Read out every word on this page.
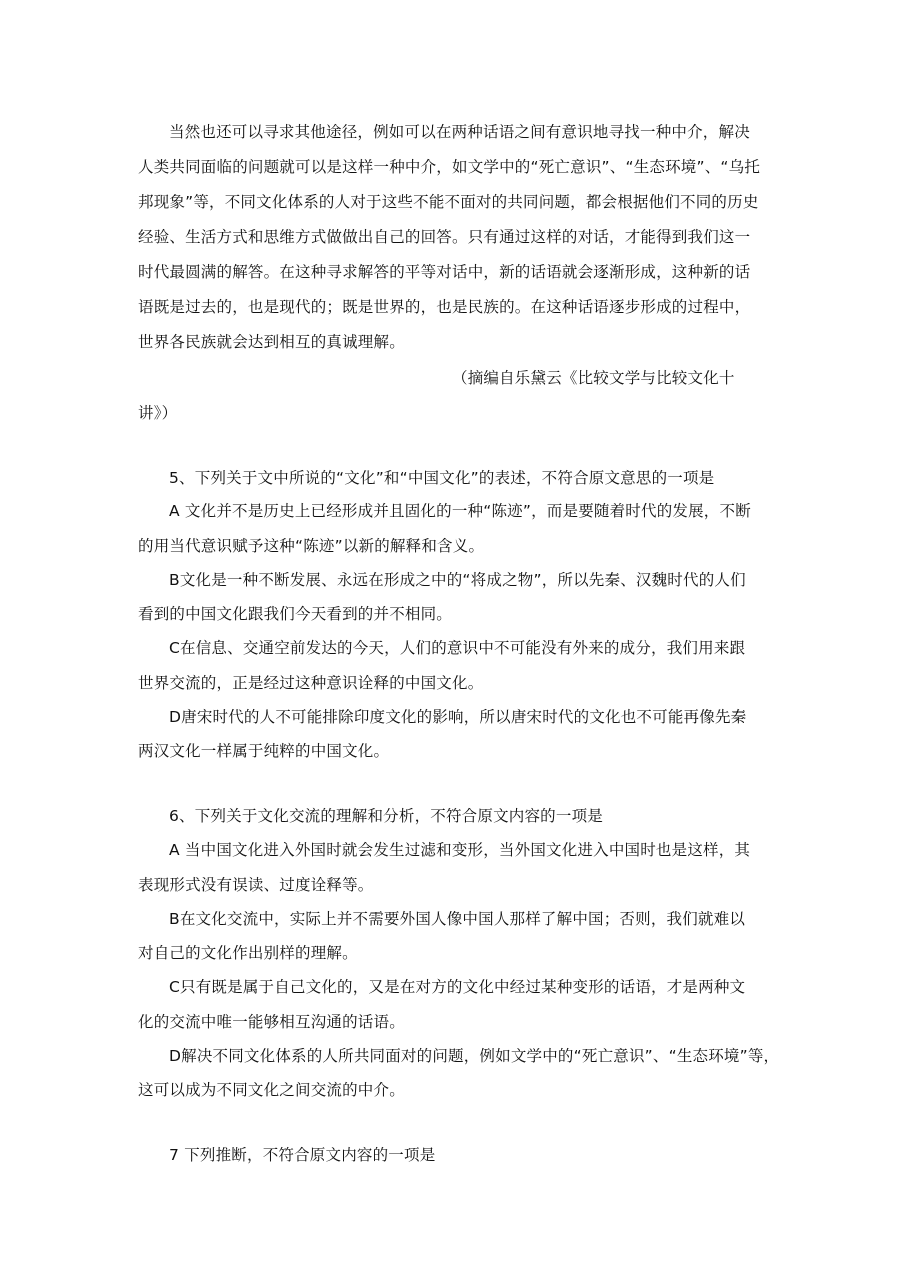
当然也还可以寻求其他途径，例如可以在两种话语之间有意识地寻找一种中介，解决
人类共同面临的问题就可以是这样一种中介，如文学中的“死亡意识”、“生态环境”、“乌托
邦现象”等，不同文化体系的人对于这些不能不面对的共同问题，都会根据他们不同的历史
经验、生活方式和思维方式做做出自己的回答。只有通过这样的对话，才能得到我们这一
时代最圆满的解答。在这种寻求解答的平等对话中，新的话语就会逐渐形成，这种新的话
语既是过去的，也是现代的；既是世界的，也是民族的。在这种话语逐步形成的过程中，
世界各民族就会达到相互的真诚理解。
（摘编自乐黛云《比较文学与比较文化十
讲》）
5、下列关于文中所说的“文化”和“中国文化”的表述，不符合原文意思的一项是
A 文化并不是历史上已经形成并且固化的一种“陈迹”，而是要随着时代的发展，不断
的用当代意识赋予这种“陈迹”以新的解释和含义。
B文化是一种不断发展、永远在形成之中的“将成之物”，所以先秦、汉魏时代的人们
看到的中国文化跟我们今天看到的并不相同。
C在信息、交通空前发达的今天，人们的意识中不可能没有外来的成分，我们用来跟
世界交流的，正是经过这种意识诠释的中国文化。
D唐宋时代的人不可能排除印度文化的影响，所以唐宋时代的文化也不可能再像先秦
两汉文化一样属于纯粹的中国文化。
6、下列关于文化交流的理解和分析，不符合原文内容的一项是
A 当中国文化进入外国时就会发生过滤和变形，当外国文化进入中国时也是这样，其
表现形式没有误读、过度诠释等。
B在文化交流中，实际上并不需要外国人像中国人那样了解中国；否则，我们就难以
对自己的文化作出别样的理解。
C只有既是属于自己文化的，又是在对方的文化中经过某种变形的话语，才是两种文
化的交流中唯一能够相互沟通的话语。
D解决不同文化体系的人所共同面对的问题，例如文学中的“死亡意识”、“生态环境”等，
这可以成为不同文化之间交流的中介。
7 下列推断，不符合原文内容的一项是
